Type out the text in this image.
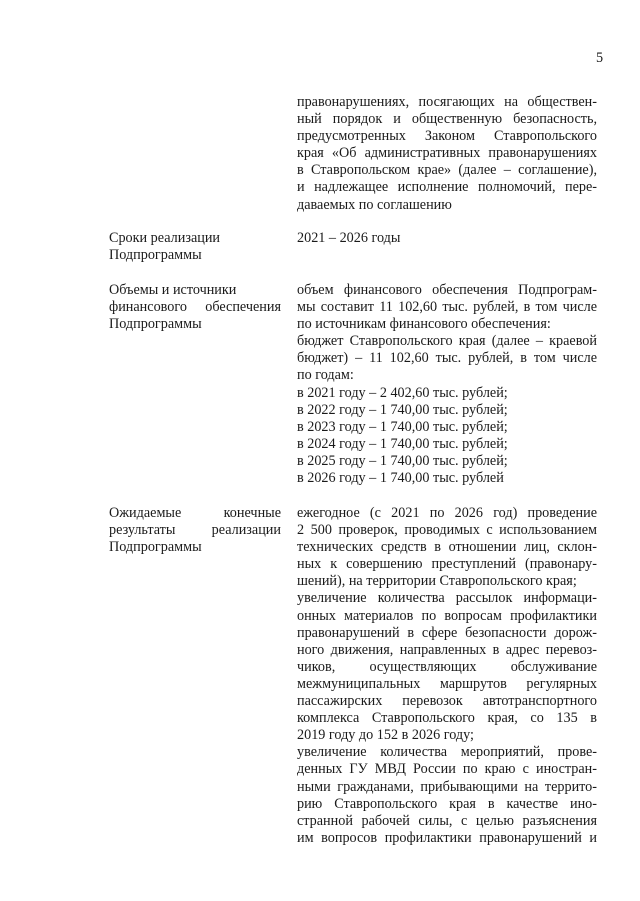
5
правонарушениях, посягающих на обществен-
ный порядок и общественную безопасность,
предусмотренных Законом Ставропольского
края «Об административных правонарушениях
в Ставропольском крае» (далее – соглашение),
и надлежащее исполнение полномочий, пере-
даваемых по соглашению
Сроки реализации
Подпрограммы
2021 – 2026 годы
Объемы и источники
финансового обеспечения
Подпрограммы
объем финансового обеспечения Подпрограм-
мы составит 11 102,60 тыс. рублей, в том числе
по источникам финансового обеспечения:
бюджет Ставропольского края (далее – краевой
бюджет) – 11 102,60 тыс. рублей, в том числе
по годам:
в 2021 году – 2 402,60 тыс. рублей;
в 2022 году – 1 740,00 тыс. рублей;
в 2023 году – 1 740,00 тыс. рублей;
в 2024 году – 1 740,00 тыс. рублей;
в 2025 году – 1 740,00 тыс. рублей;
в 2026 году – 1 740,00 тыс. рублей
Ожидаемые конечные
результаты реализации
Подпрограммы
ежегодное (с 2021 по 2026 год) проведение
2 500 проверок, проводимых с использованием
технических средств в отношении лиц, склон-
ных к совершению преступлений (правонару-
шений), на территории Ставропольского края;
увеличение количества рассылок информаци-
онных материалов по вопросам профилактики
правонарушений в сфере безопасности дорож-
ного движения, направленных в адрес перевоз-
чиков, осуществляющих обслуживание
межмуниципальных маршрутов регулярных
пассажирских перевозок автотранспортного
комплекса Ставропольского края, со 135 в
2019 году до 152 в 2026 году;
увеличение количества мероприятий, прове-
денных ГУ МВД России по краю с иностран-
ными гражданами, прибывающими на террито-
рию Ставропольского края в качестве ино-
странной рабочей силы, с целью разъяснения
им вопросов профилактики правонарушений и
